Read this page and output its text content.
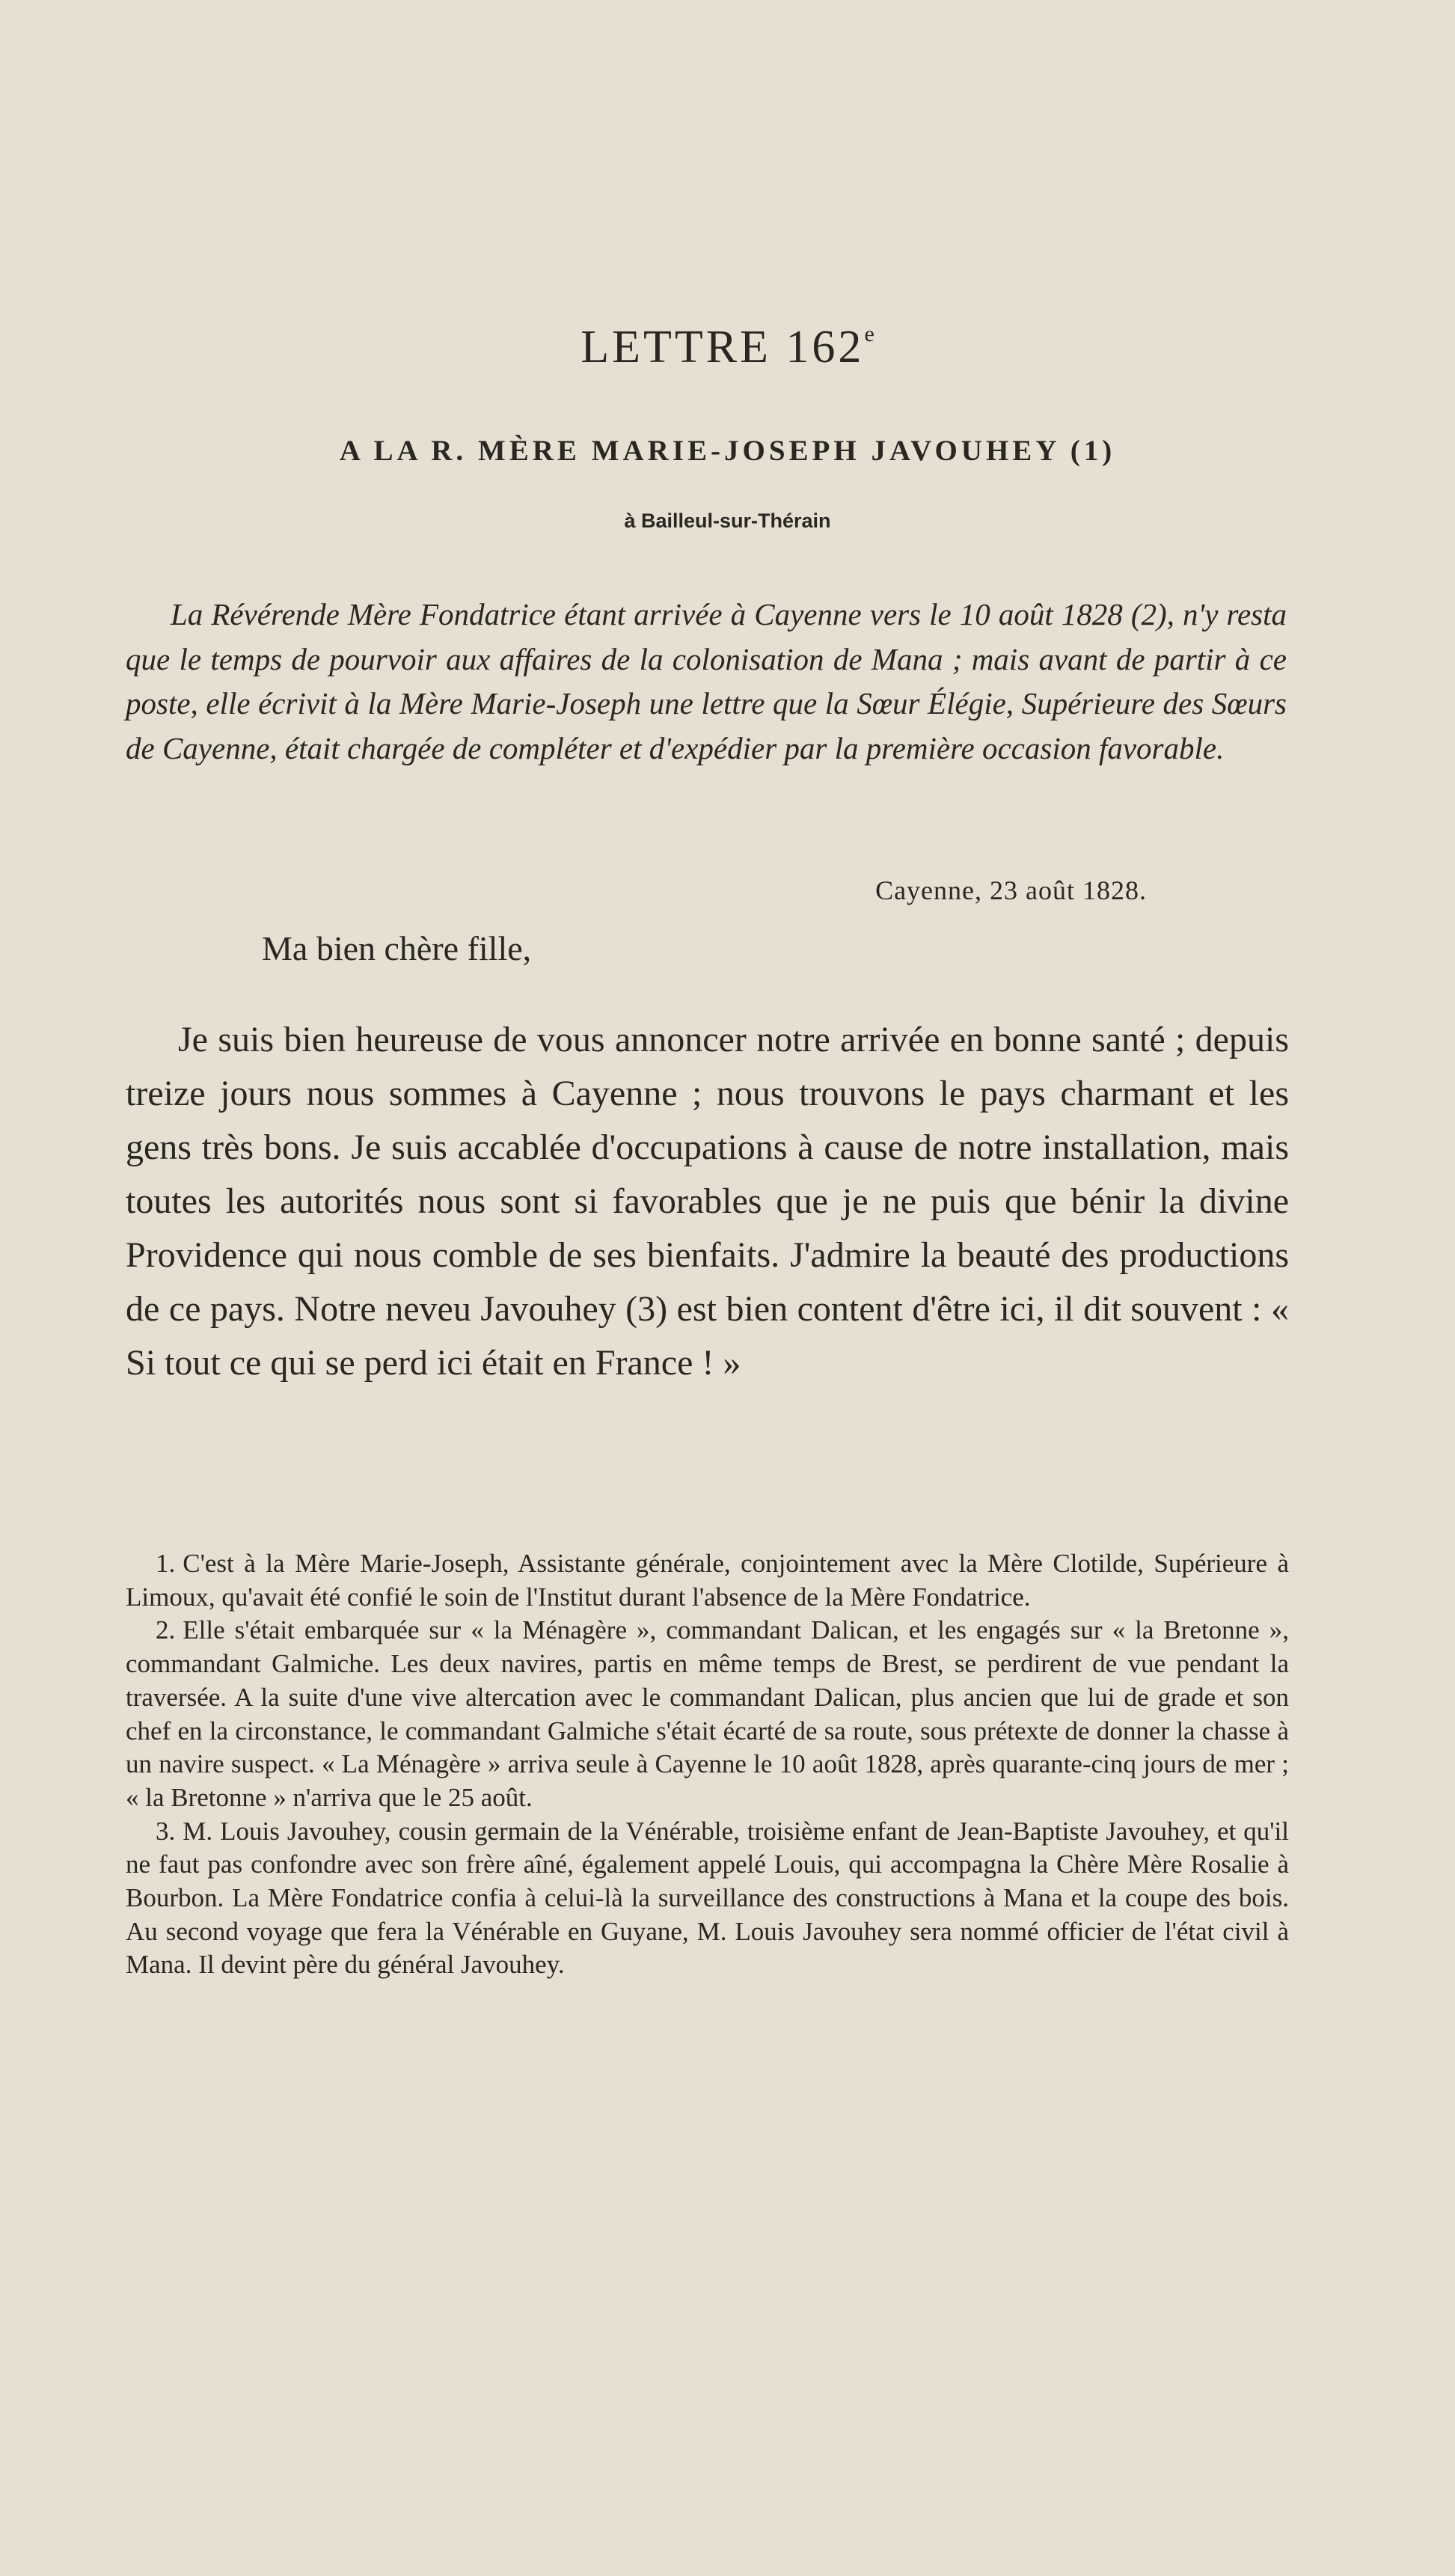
LETTRE 162e
A LA R. MÈRE MARIE-JOSEPH JAVOUHEY (1)

à Bailleul-sur-Thérain

La Révérende Mère Fondatrice étant arrivée à Cayenne vers le 10 août 1828 (2), n'y resta que le temps de pourvoir aux affaires de la colonisation de Mana ; mais avant de partir à ce poste, elle écrivit à la Mère Marie-Joseph une lettre que la Sœur Élégie, Supérieure des Sœurs de Cayenne, était chargée de compléter et d'expédier par la première occasion favorable.

Cayenne, 23 août 1828.

Ma bien chère fille,

Je suis bien heureuse de vous annoncer notre arrivée en bonne santé ; depuis treize jours nous sommes à Cayenne ; nous trouvons le pays charmant et les gens très bons. Je suis accablée d'occupations à cause de notre installation, mais toutes les autorités nous sont si favorables que je ne puis que bénir la divine Providence qui nous comble de ses bienfaits. J'admire la beauté des productions de ce pays. Notre neveu Javouhey (3) est bien content d'être ici, il dit souvent : « Si tout ce qui se perd ici était en France ! »

1. C'est à la Mère Marie-Joseph, Assistante générale, conjointement avec la Mère Clotilde, Supérieure à Limoux, qu'avait été confié le soin de l'Institut durant l'absence de la Mère Fondatrice.

2. Elle s'était embarquée sur « la Ménagère », commandant Dalican, et les engagés sur « la Bretonne », commandant Galmiche. Les deux navires, partis en même temps de Brest, se perdirent de vue pendant la traversée. A la suite d'une vive altercation avec le commandant Dalican, plus ancien que lui de grade et son chef en la circonstance, le commandant Galmiche s'était écarté de sa route, sous prétexte de donner la chasse à un navire suspect. « La Ménagère » arriva seule à Cayenne le 10 août 1828, après quarante-cinq jours de mer ; « la Bretonne » n'arriva que le 25 août.

3. M. Louis Javouhey, cousin germain de la Vénérable, troisième enfant de Jean-Baptiste Javouhey, et qu'il ne faut pas confondre avec son frère aîné, également appelé Louis, qui accompagna la Chère Mère Rosalie à Bourbon. La Mère Fondatrice confia à celui-là la surveillance des constructions à Mana et la coupe des bois. Au second voyage que fera la Vénérable en Guyane, M. Louis Javouhey sera nommé officier de l'état civil à Mana. Il devint père du général Javouhey.
